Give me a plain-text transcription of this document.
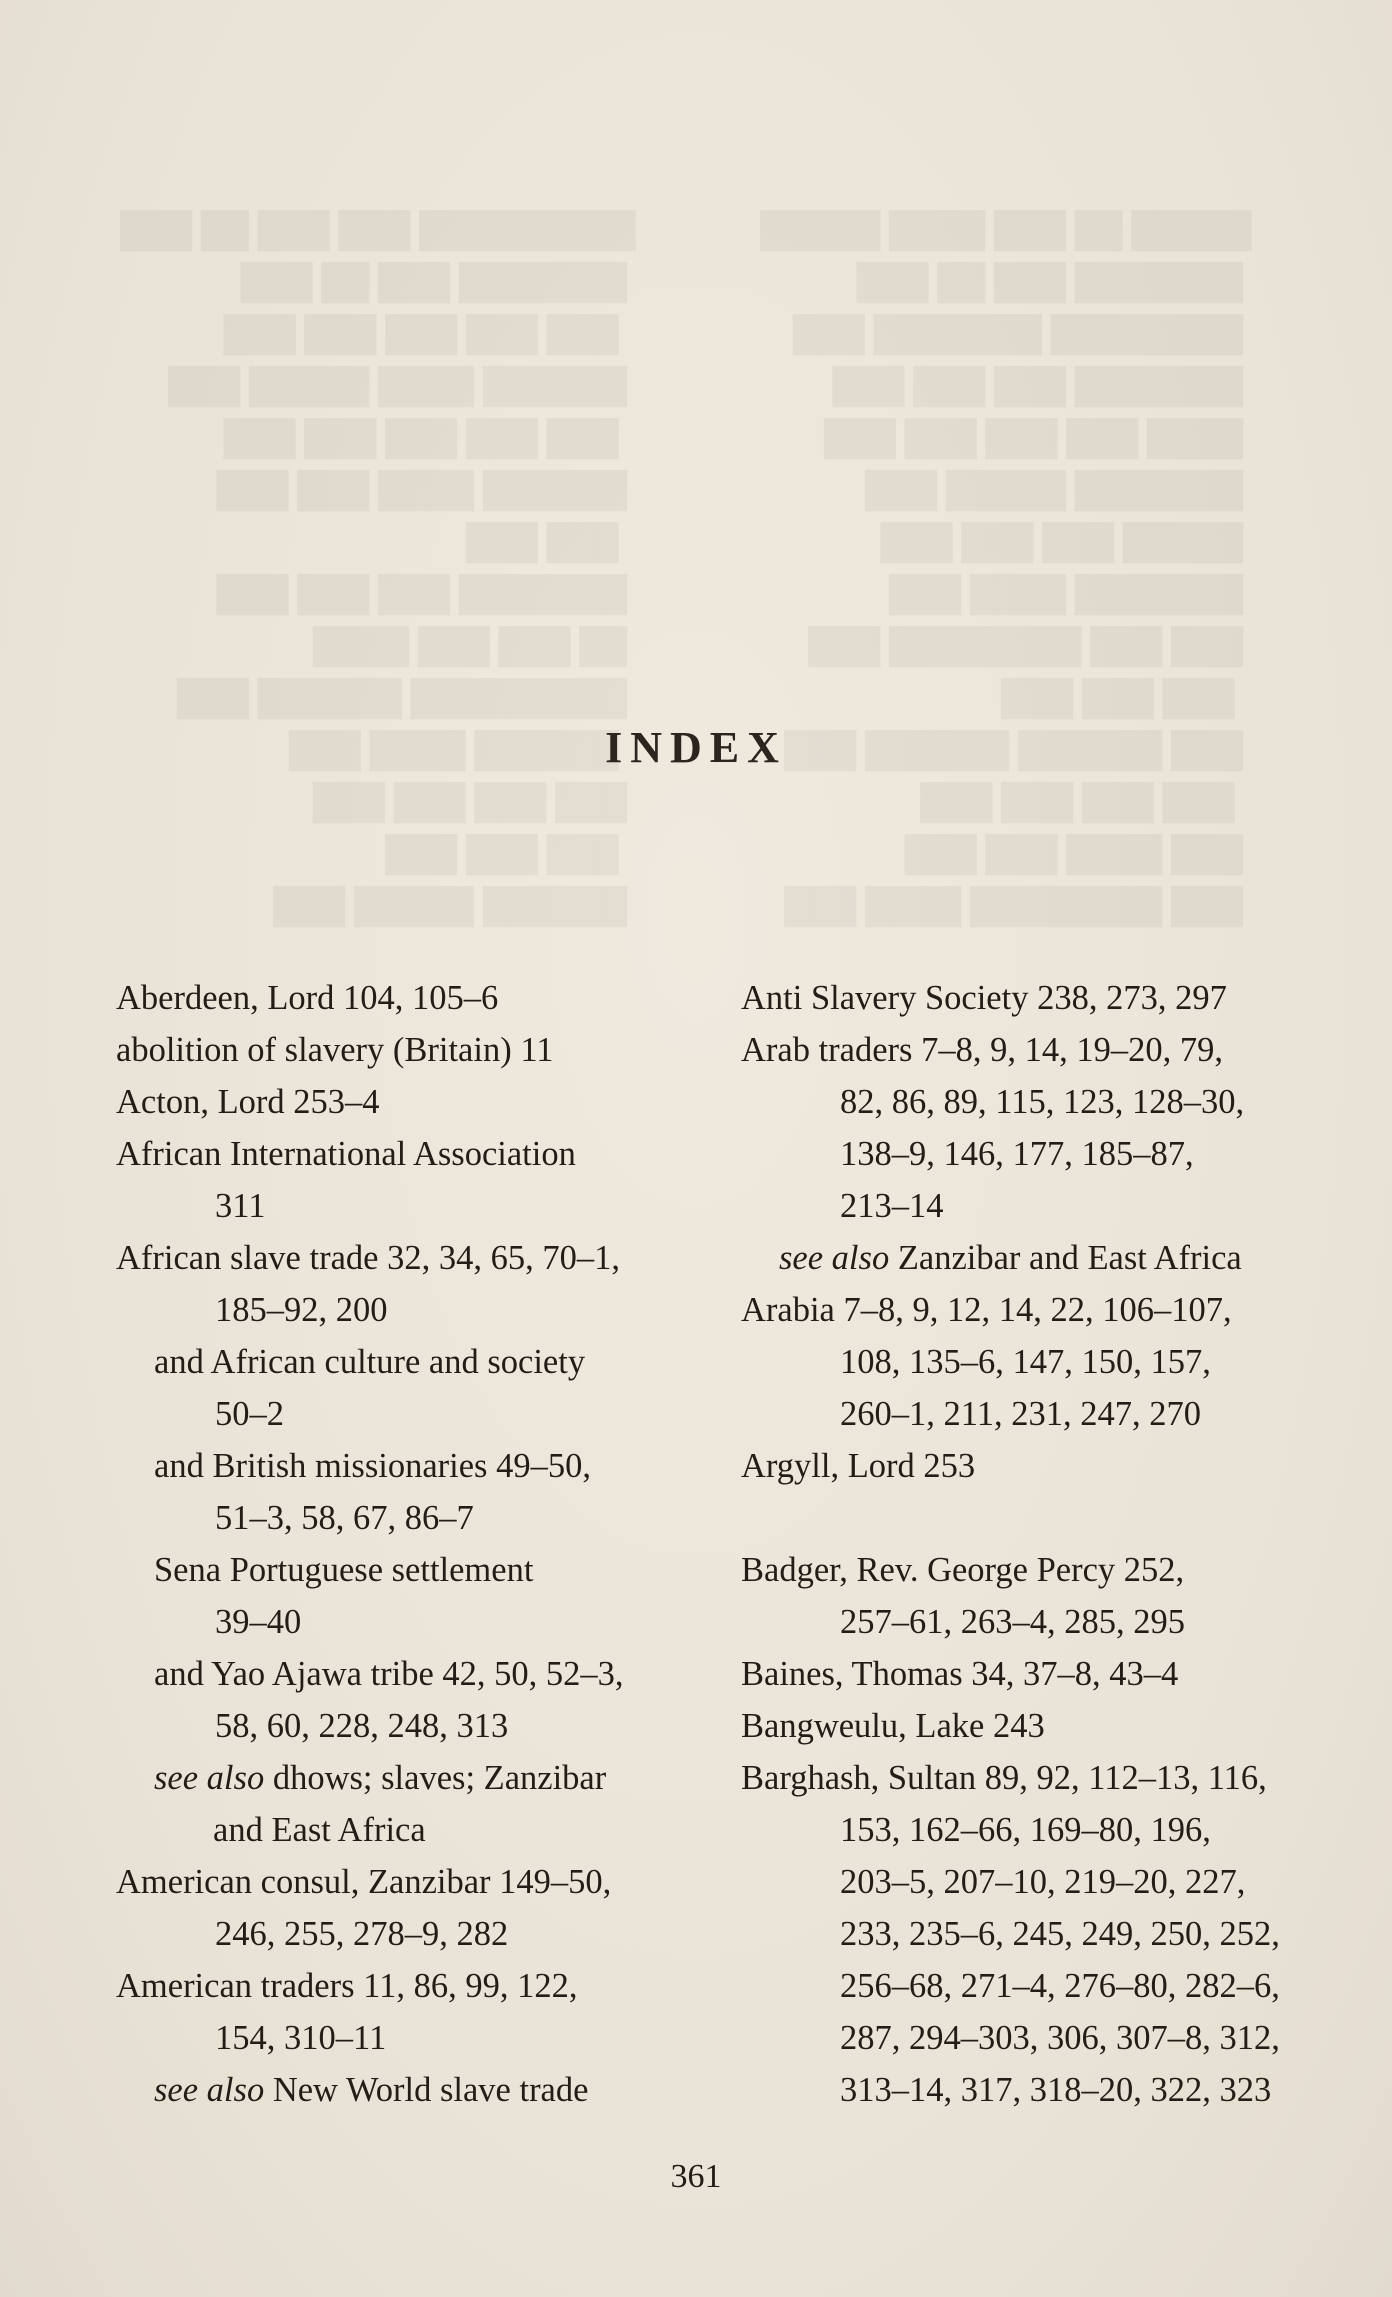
█████████ ███ ███ ██ ███
███████ ███ ██ ███
███ ███ ███ ███ ███
██████ ████ █████ ███
███ ███ ███ ███ ███
██████ ████ ███ ███
███ ███
███████ ███ ███ ███
██ ███ ███ ████
█████████ ██████ ███
██████ ████ ███
███ ███ ███ ███
███ ███ ███
██████ █████ ███
█████ ██ ███ ████ █████
███████ ███ ██ ███
████████ ███████ ███
███████ ███ ███ ███
████ ███ ███ ███ ███
███████ █████ ███
█████ ███ ███ ███
███████ ████ ███
███ ███ ████████ ███
███ ███ ███
███ ██████ ██████ ███
███ ███ ███ ███
███ ████ ███ ███
███ ████████ ████ ███
INDEX
Aberdeen, Lord 104, 105–6
abolition of slavery (Britain) 11
Acton, Lord 253–4
African International Association
311
African slave trade 32, 34, 65, 70–1,
185–92, 200
and African culture and society
50–2
and British missionaries 49–50,
51–3, 58, 67, 86–7
Sena Portuguese settlement
39–40
and Yao Ajawa tribe 42, 50, 52–3,
58, 60, 228, 248, 313
see also dhows; slaves; Zanzibar
and East Africa
American consul, Zanzibar 149–50,
246, 255, 278–9, 282
American traders 11, 86, 99, 122,
154, 310–11
see also New World slave trade
Anti Slavery Society 238, 273, 297
Arab traders 7–8, 9, 14, 19–20, 79,
82, 86, 89, 115, 123, 128–30,
138–9, 146, 177, 185–87,
213–14
see also Zanzibar and East Africa
Arabia 7–8, 9, 12, 14, 22, 106–107,
108, 135–6, 147, 150, 157,
260–1, 211, 231, 247, 270
Argyll, Lord 253
Badger, Rev. George Percy 252,
257–61, 263–4, 285, 295
Baines, Thomas 34, 37–8, 43–4
Bangweulu, Lake 243
Barghash, Sultan 89, 92, 112–13, 116,
153, 162–66, 169–80, 196,
203–5, 207–10, 219–20, 227,
233, 235–6, 245, 249, 250, 252,
256–68, 271–4, 276–80, 282–6,
287, 294–303, 306, 307–8, 312,
313–14, 317, 318–20, 322, 323
361
